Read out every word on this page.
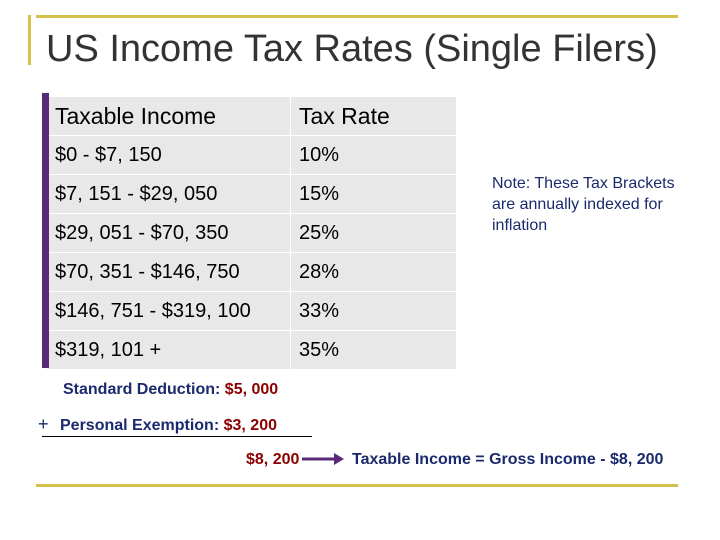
US Income Tax Rates (Single Filers)
Taxable Income	Tax Rate
$0 - $7, 150	10%
$7, 151 - $29, 050	15%
$29, 051 - $70, 350	25%
$70, 351 - $146, 750	28%
$146, 751 - $319, 100	33%
$319, 101 +	35%
Note: These Tax Brackets are annually indexed for inflation
Standard Deduction: $5, 000
+ Personal Exemption: $3, 200
$8, 200	Taxable Income = Gross Income - $8, 200
